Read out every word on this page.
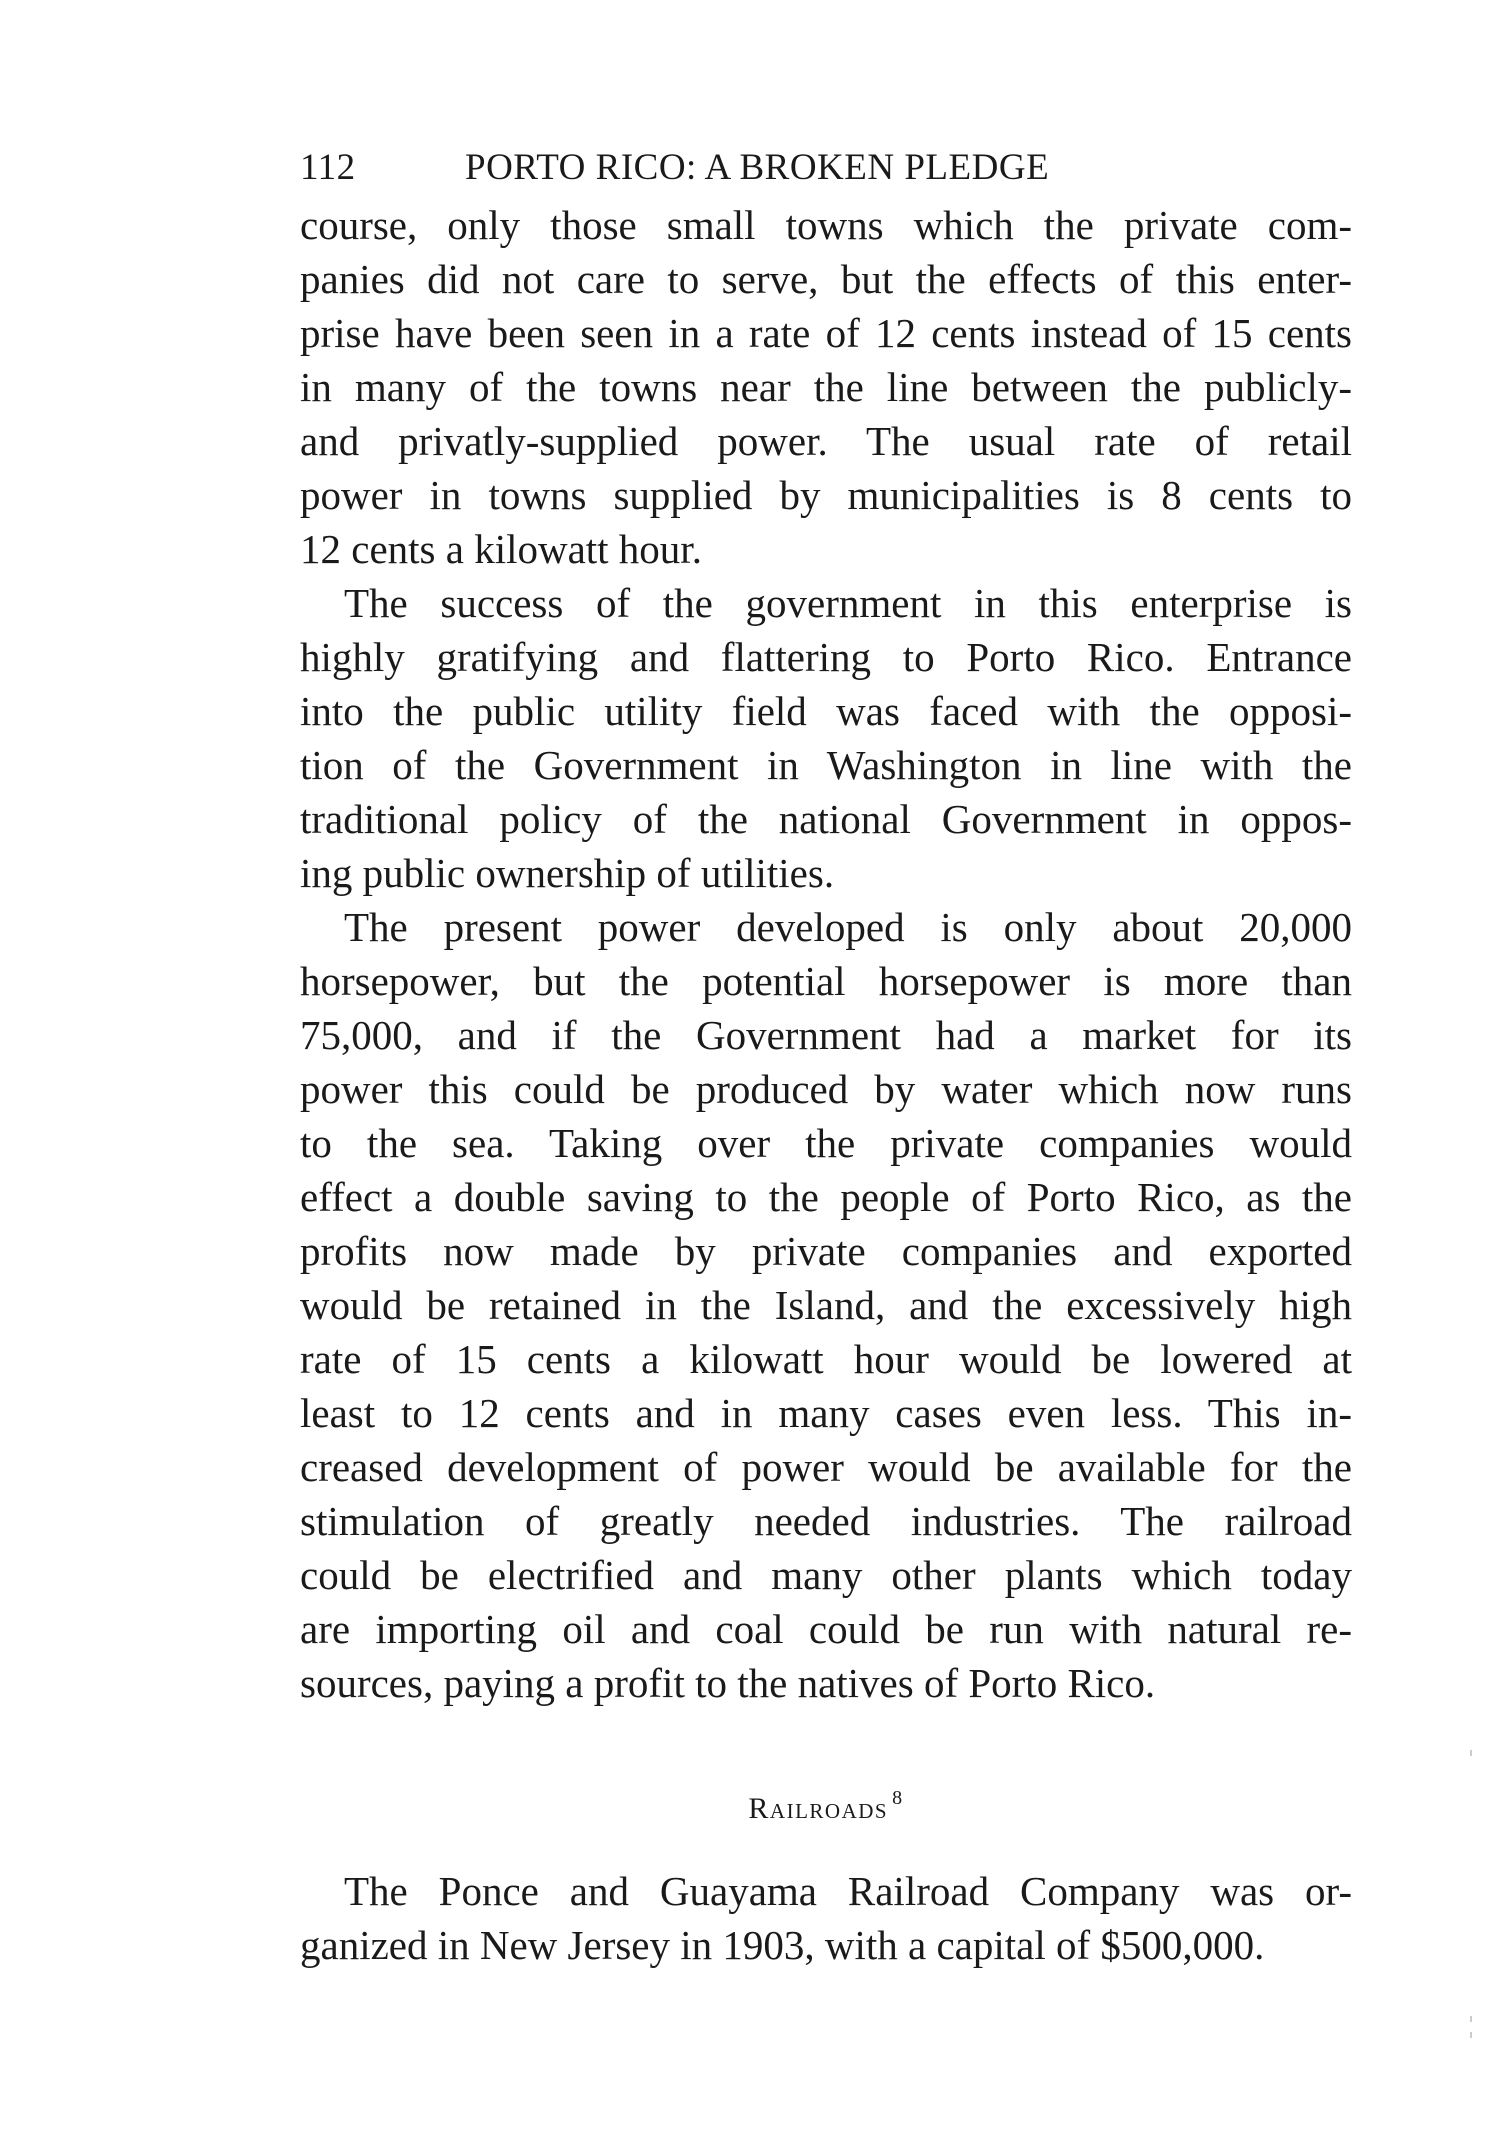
112	PORTO RICO: A BROKEN PLEDGE
course, only those small towns which the private com-
panies did not care to serve, but the effects of this enter-
prise have been seen in a rate of 12 cents instead of 15 cents
in many of the towns near the line between the publicly-
and privatly-supplied power. The usual rate of retail
power in towns supplied by municipalities is 8 cents to
12 cents a kilowatt hour.
The success of the government in this enterprise is
highly gratifying and flattering to Porto Rico. Entrance
into the public utility field was faced with the opposi-
tion of the Government in Washington in line with the
traditional policy of the national Government in oppos-
ing public ownership of utilities.
The present power developed is only about 20,000
horsepower, but the potential horsepower is more than
75,000, and if the Government had a market for its
power this could be produced by water which now runs
to the sea. Taking over the private companies would
effect a double saving to the people of Porto Rico, as the
profits now made by private companies and exported
would be retained in the Island, and the excessively high
rate of 15 cents a kilowatt hour would be lowered at
least to 12 cents and in many cases even less. This in-
creased development of power would be available for the
stimulation of greatly needed industries. The railroad
could be electrified and many other plants which today
are importing oil and coal could be run with natural re-
sources, paying a profit to the natives of Porto Rico.
Railroads $^8$
The Ponce and Guayama Railroad Company was or-
ganized in New Jersey in 1903, with a capital of $500,000.
